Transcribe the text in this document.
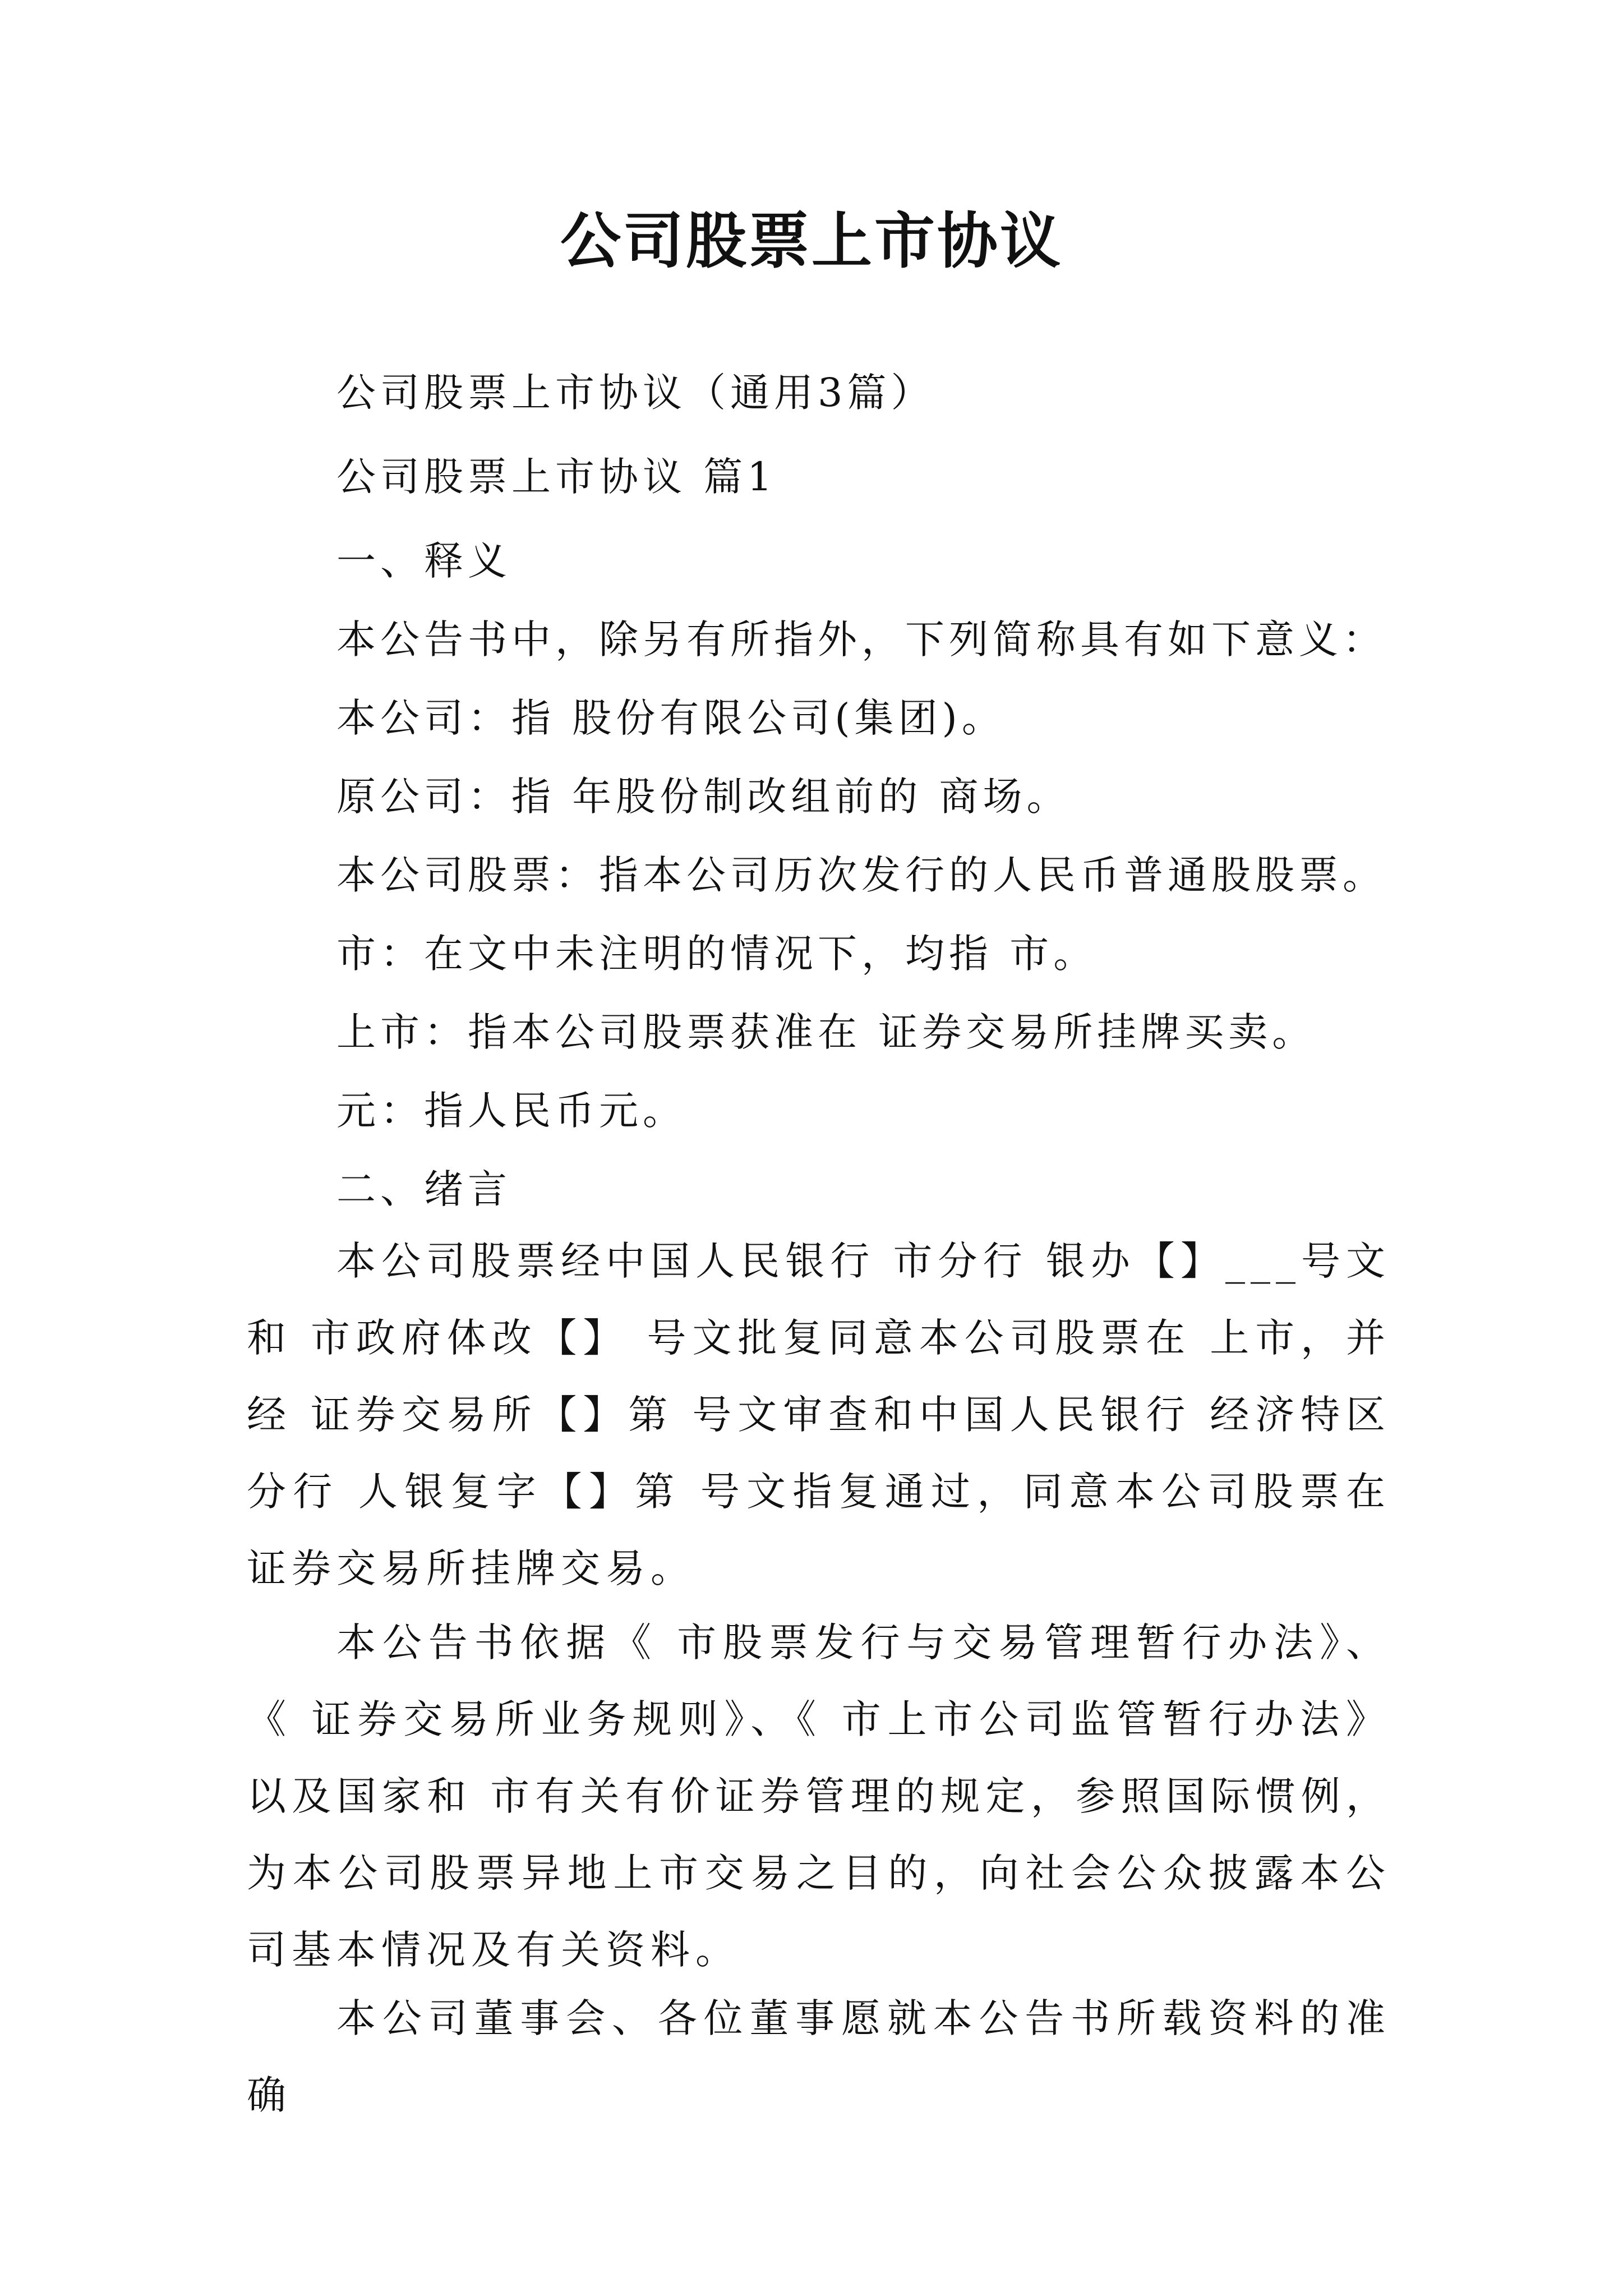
公司股票上市协议
公司股票上市协议（通用3篇）
公司股票上市协议 篇1
一、释义
本公告书中，除另有所指外，下列简称具有如下意义：
本公司：指 股份有限公司(集团)。
原公司：指 年股份制改组前的 商场。
本公司股票：指本公司历次发行的人民币普通股股票。
市：在文中未注明的情况下，均指 市。
上市：指本公司股票获准在 证券交易所挂牌买卖。
元：指人民币元。
二、绪言
本公司股票经中国人民银行 市分行 银办【】___号文和 市政府体改【】 号文批复同意本公司股票在 上市，并经 证券交易所【】第 号文审查和中国人民银行 经济特区分行 人银复字【】第 号文指复通过，同意本公司股票在 证券交易所挂牌交易。
本公告书依据《 市股票发行与交易管理暂行办法》、《 证券交易所业务规则》、《 市上市公司监管暂行办法》以及国家和 市有关有价证券管理的规定，参照国际惯例，为本公司股票异地上市交易之目的，向社会公众披露本公司基本情况及有关资料。
本公司董事会、各位董事愿就本公告书所载资料的准确
